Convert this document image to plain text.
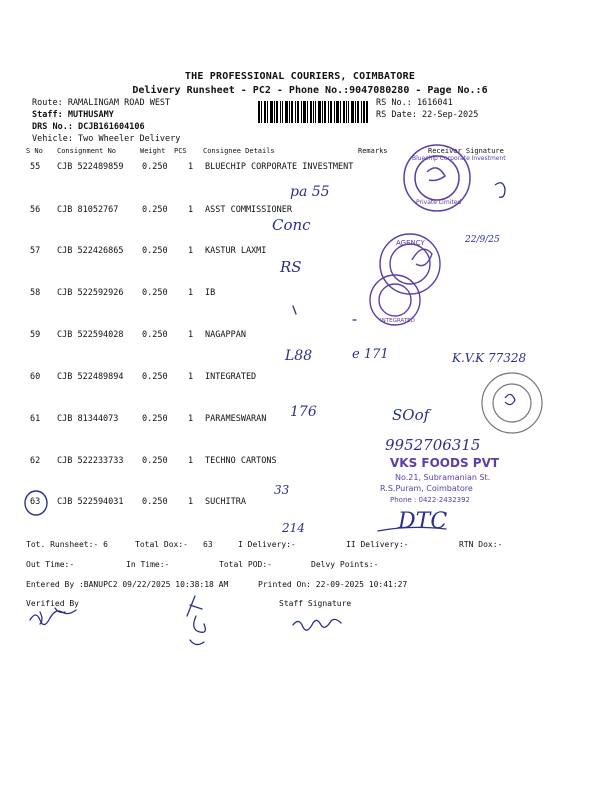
THE PROFESSIONAL COURIERS, COIMBATORE
Delivery Runsheet - PC2 - Phone No.:9047080280 - Page No.:6
Route: RAMALINGAM ROAD WEST
Staff: MUTHUSAMY
DRS No.: DCJB161604106
Vehicle: Two Wheeler Delivery
RS No.: 1616041
RS Date: 22-Sep-2025
S No Consignment No	Weight PCS Consignee Details	Remarks	Receiver Signature
55 CJB 522489859 0.250 1 BLUECHIP CORPORATE INVESTMENT
56 CJB 81052767	0.250 1 ASST COMMISSIONER
57 CJB 522426865 0.250 1 KASTUR LAXMI
58 CJB 522592926 0.250 1 IB
59 CJB 522594028 0.250 1 NAGAPPAN
60 CJB 522489894 0.250 1 INTEGRATED
61 CJB 81344073	0.250 1 PARAMESWARAN
62 CJB 522233733 0.250 1 TECHNO CARTONS
63 CJB 522594031 0.250 1 SUCHITRA
Tot. Runsheet:- 6	Total Dox:- 63	I Delivery:-	II Delivery:-	RTN Dox:-
Out Time:-	In Time:-	Total POD:-	Delvy Points:-
Entered By :BANUPC2 09/22/2025 10:38:18 AM	Printed On: 22-09-2025 10:41:27
Verified By	Staff Signature
pa 55
Conc
RS
L88	e 171
176	SOof
9952706315
33
214	DTC
22/9/25
K.V.K 77328
Bluechip Corporate Investment
Private Limited
AGENCY
INTEGRATED
VKS FOODS PVT
No.21, Subramanian St.
R.S.Puram, Coimbatore
Phone : 0422-2432392
